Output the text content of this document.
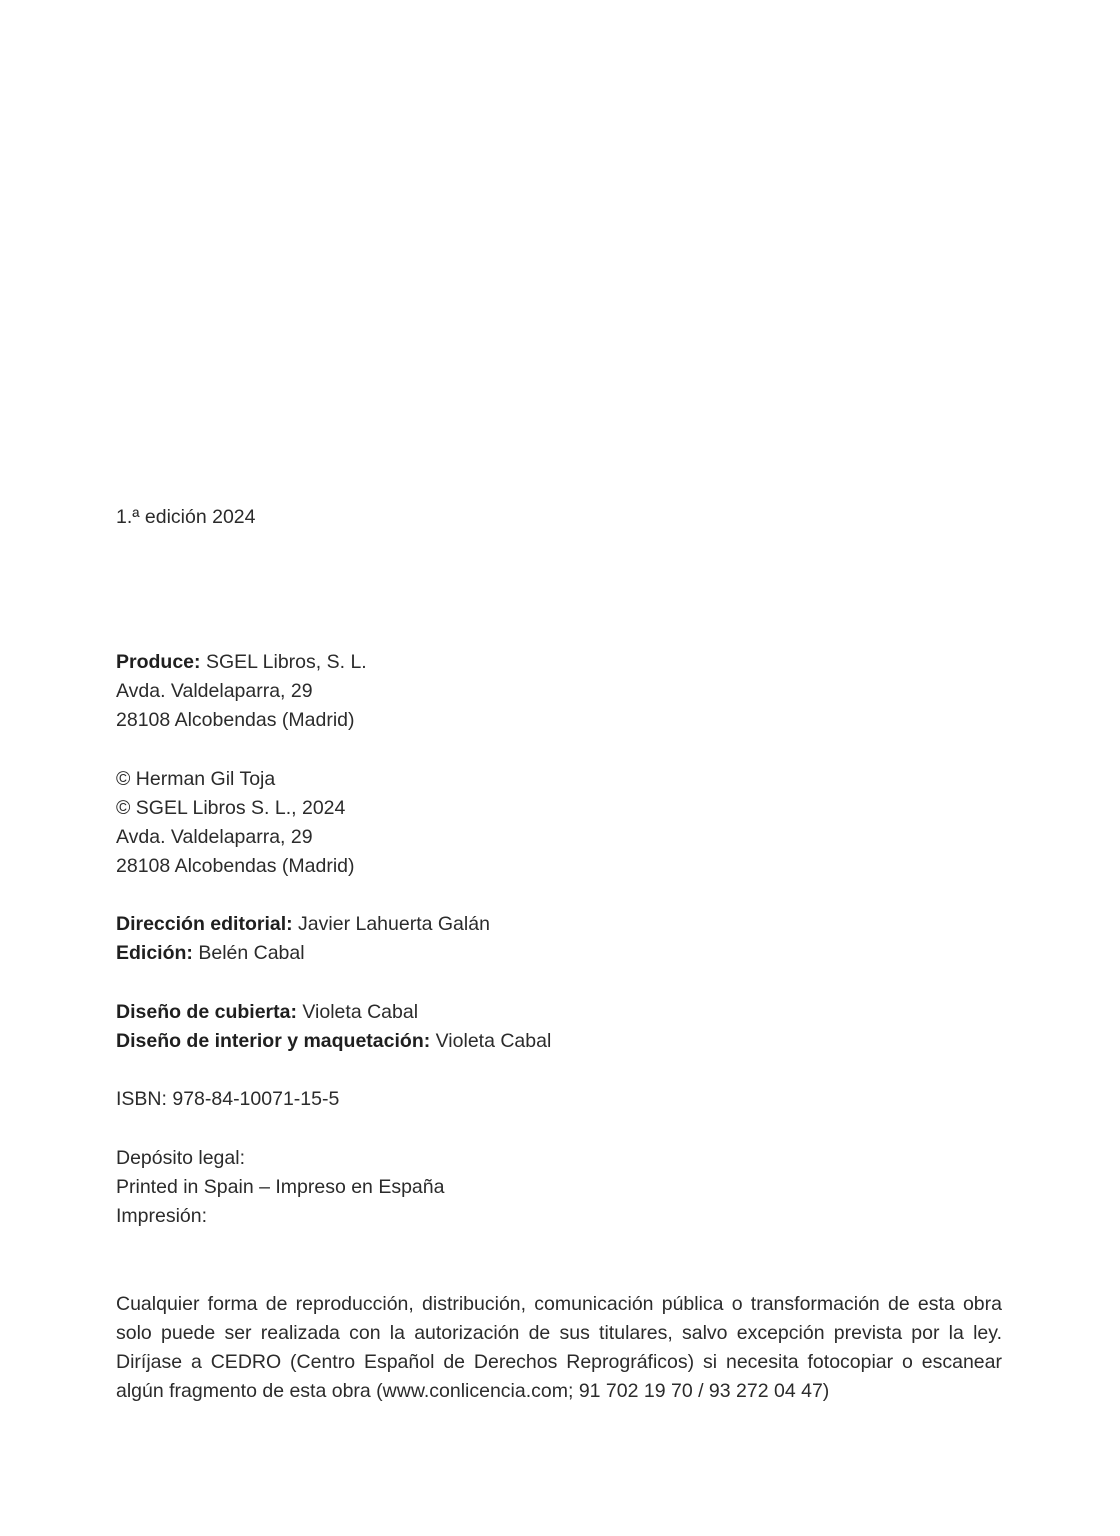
1.ª edición 2024

Produce: SGEL Libros, S. L.
Avda. Valdelaparra, 29
28108 Alcobendas (Madrid)
© Herman Gil Toja
© SGEL Libros S. L., 2024
Avda. Valdelaparra, 29
28108 Alcobendas (Madrid)
Dirección editorial: Javier Lahuerta Galán
Edición: Belén Cabal
Diseño de cubierta: Violeta Cabal
Diseño de interior y maquetación: Violeta Cabal
ISBN: 978-84-10071-15-5
Depósito legal:
Printed in Spain – Impreso en España
Impresión:

Cualquier forma de reproducción, distribución, comunicación pública o transformación de esta obra solo puede ser realizada con la autorización de sus titulares, salvo excepción prevista por la ley. Diríjase a CEDRO (Centro Español de Derechos Reprográficos) si necesita fotocopiar o escanear algún fragmento de esta obra (www.conlicencia.com; 91 702 19 70 / 93 272 04 47)
